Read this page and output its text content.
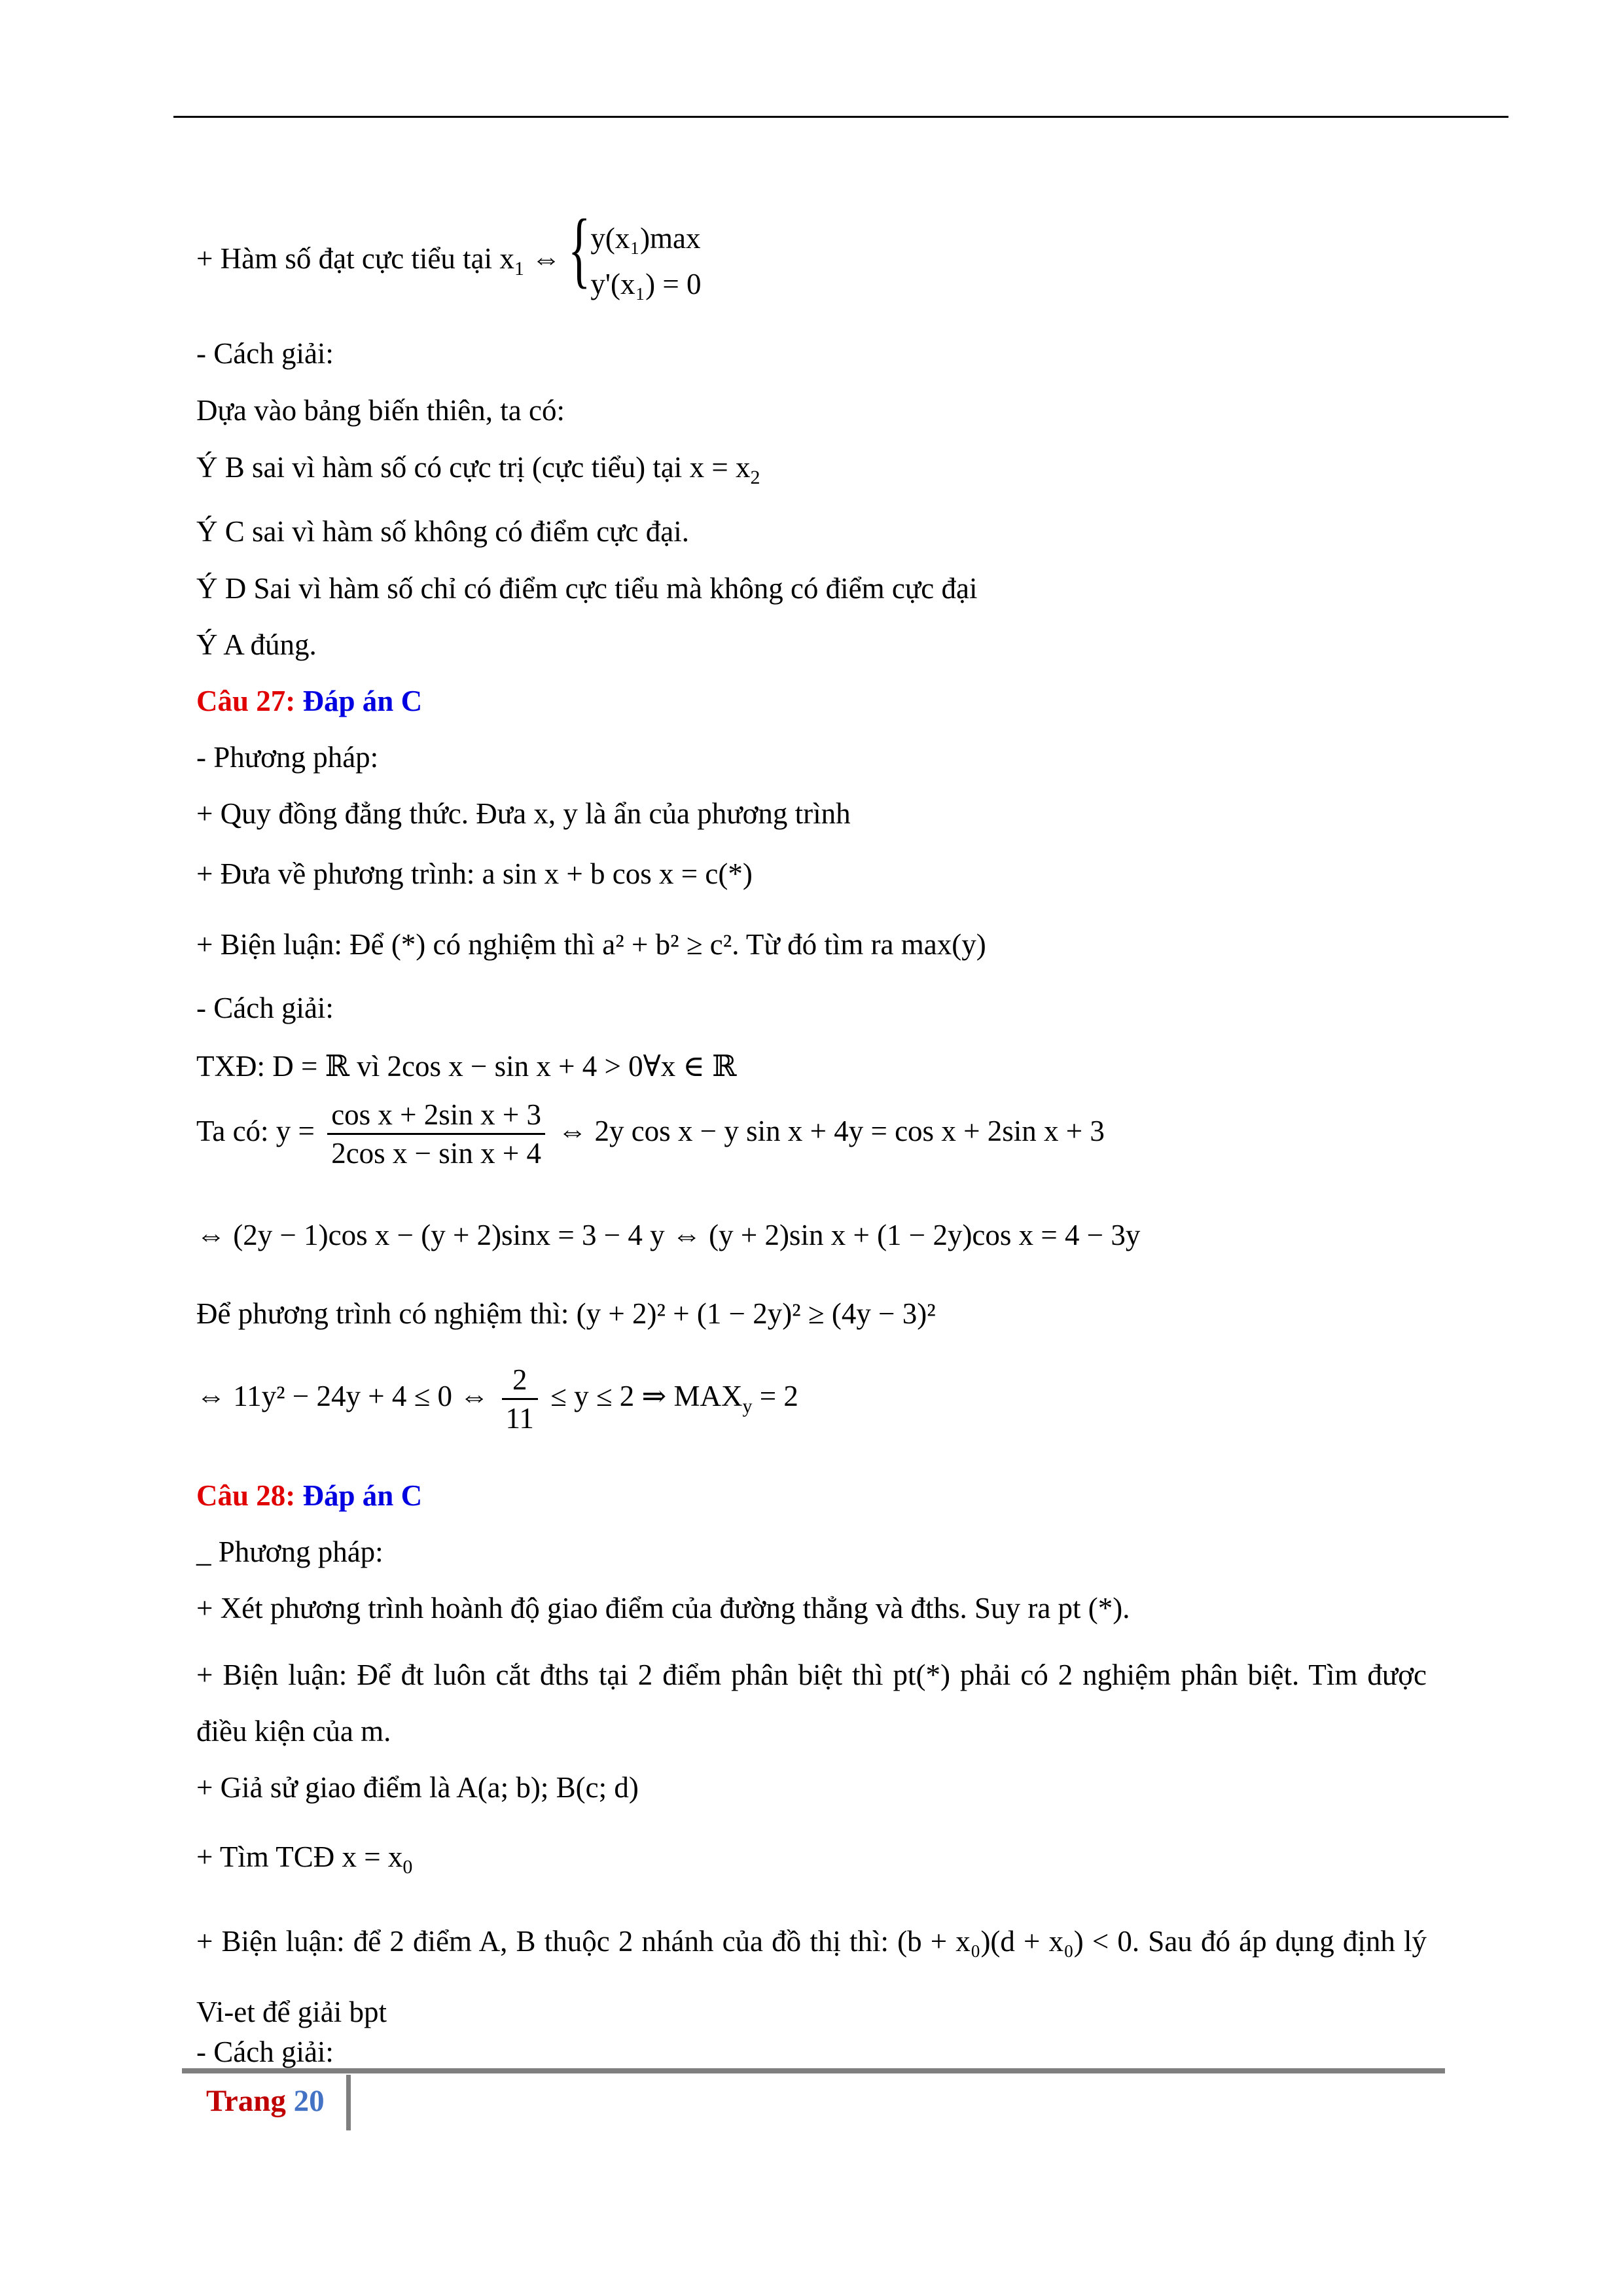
+ Hàm số đạt cực tiểu tại $x_1$ ⇔ { y(x₁)max
y'(x₁) = 0
- Cách giải:
Dựa vào bảng biến thiên, ta có:
Ý B sai vì hàm số có cực trị (cực tiểu) tại $x = x_2$
Ý C sai vì hàm số không có điểm cực đại.
Ý D Sai vì hàm số chỉ có điểm cực tiểu mà không có điểm cực đại
Ý A đúng.
Câu 27: Đáp án C
- Phương pháp:
+ Quy đồng đẳng thức. Đưa x, y là ẩn của phương trình
+ Đưa về phương trình: a sin x + b cos x = c(*)
+ Biện luận: Để (*) có nghiệm thì a² + b² ≥ c². Từ đó tìm ra max(y)
- Cách giải:
TXĐ: D = ℝ vì 2cos x − sin x + 4 > 0∀x ∈ ℝ
Ta có: $y = \frac{\text{cos x + 2sin x + 3}}{\text{2cos x − sin x + 4}}$ ⇔ 2y cos x − y sin x + 4y = cos x + 2sin x + 3
⇔ (2y − 1)cos x − (y + 2)sinx = 3 − 4 y ⇔ (y + 2)sin x + (1 − 2y)cos x = 4 − 3y
Để phương trình có nghiệm thì: (y + 2)² + (1 − 2y)² ≥ (4y − 3)²
⇔ 11y² − 24y + 4 ≤ 0 ⇔ $\frac{2}{11} \le y \le 2$ ⇒ $MAX_y = 2$
Câu 28: Đáp án C
_ Phương pháp:
+ Xét phương trình hoành độ giao điểm của đường thẳng và đths. Suy ra pt (*).
+ Biện luận: Để đt luôn cắt đths tại 2 điểm phân biệt thì pt(*) phải có 2 nghiệm phân biệt. Tìm được điều kiện của m.
+ Giả sử giao điểm là A(a; b); B(c; d)
+ Tìm TCĐ $x = x_0$
+ Biện luận: để 2 điểm A, B thuộc 2 nhánh của đồ thị thì: (b + x₀)(d + x₀) < 0. Sau đó áp dụng định lý Vi-et để giải bpt
- Cách giải:
Trang 20
